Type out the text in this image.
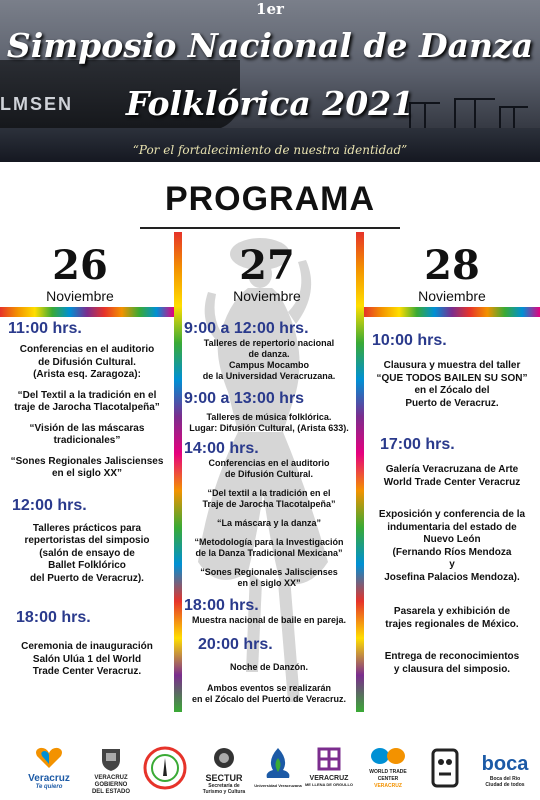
LMSEN
1er
Simposio Nacional de Danza
Folklórica 2021
“Por el fortalecimiento de nuestra identidad”
PROGRAMA
26
Noviembre
27
Noviembre
28
Noviembre
11:00 hrs.

Conferencias en el auditorio

de Difusión Cultural.

(Arista esq. Zaragoza):

“Del Textil a la tradición en el

traje de Jarocha Tlacotalpeña”

“Visión de las máscaras

tradicionales”

“Sones Regionales Jaliscienses

en el siglo XX”

12:00 hrs.

Talleres prácticos para

repertoristas del simposio

(salón de ensayo de

Ballet Folklórico

del Puerto de Veracruz).

18:00 hrs.

Ceremonia de inauguración

Salón Ulúa 1 del World

Trade Center Veracruz.

9:00 a 12:00 hrs.

Talleres de repertorio nacional

de danza.

Campus Mocambo

de la Universidad Veracruzana.

9:00 a 13:00 hrs

Talleres de música folklórica.

Lugar: Difusión Cultural, (Arista 633).

14:00 hrs.

Conferencias en el auditorio

de Difusión Cultural.

“Del textil a la tradición en el

Traje de Jarocha Tlacotalpeña”

“La máscara y la danza”

“Metodología para la Investigación

de la Danza Tradicional Mexicana”

“Sones Regionales Jaliscienses

en el siglo XX”

18:00 hrs.

Muestra nacional de baile en pareja.

20:00 hrs.

Noche de Danzón.

Ambos eventos se realizarán

en el Zócalo del Puerto de Veracruz.

10:00 hrs.

Clausura y muestra del taller

“QUE TODOS BAILEN SU SON”

en el Zócalo del

Puerto de Veracruz.

17:00 hrs.

Galería Veracruzana de Arte

World Trade Center Veracruz

Exposición y conferencia de la

indumentaria del estado de

Nuevo León

(Fernando Ríos Mendoza

y

Josefina Palacios Mendoza).

Pasarela y exhibición de

trajes regionales de México.

Entrega de reconocimientos

y clausura del simposio.

Veracruz
Te quiero
VERACRUZ
GOBIERNO
DEL ESTADO
SECTUR
Secretaría de
Turismo y Cultura
Universidad Veracruzana
VERACRUZ
ME LLENA DE ORGULLO
WORLD TRADE CENTER
VERACRUZ
boca
Boca del Río
Ciudad de todos
